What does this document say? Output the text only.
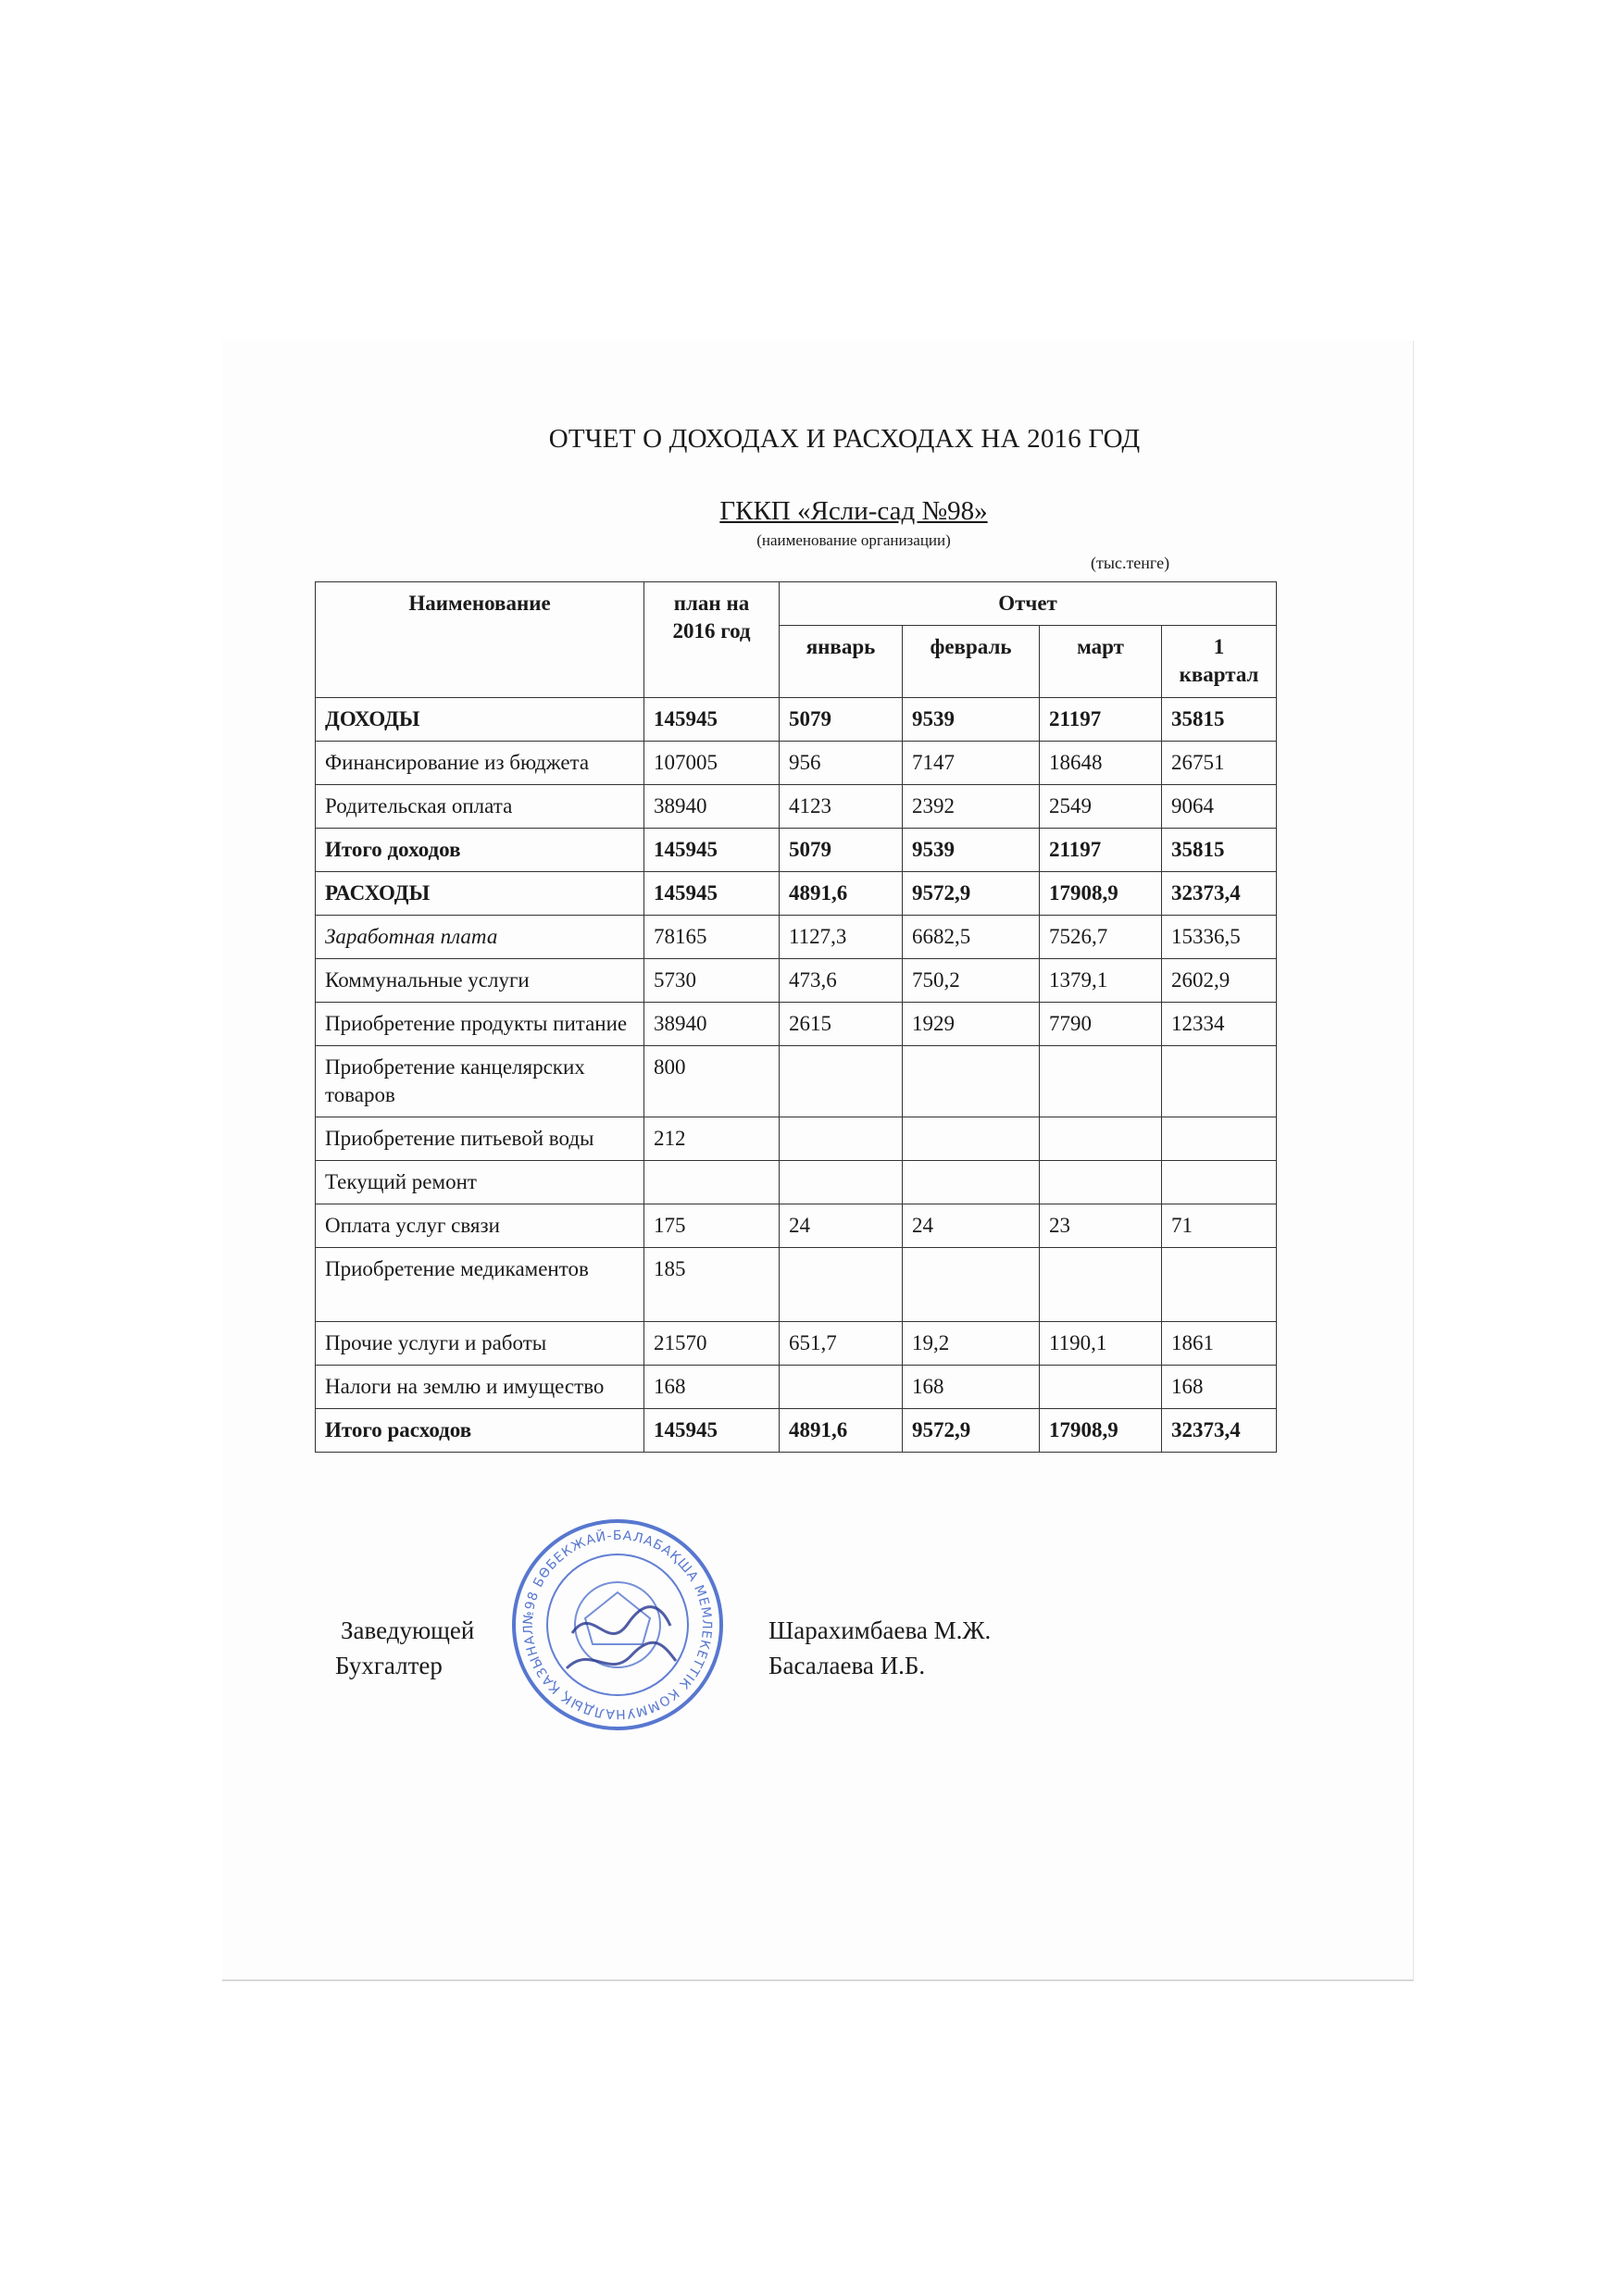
ОТЧЕТ О ДОХОДАХ И РАСХОДАХ НА 2016 ГОД
ГККП «Ясли-сад №98»
(наименование организации)
(тыс.тенге)
Наименование	план на 2016 год	Отчет			
		январь	февраль	март	1 квартал
ДОХОДЫ	145945	5079	9539	21197	35815
Финансирование из бюджета	107005	956	7147	18648	26751
Родительская оплата	38940	4123	2392	2549	9064
Итого доходов	145945	5079	9539	21197	35815
РАСХОДЫ	145945	4891,6	9572,9	17908,9	32373,4
Заработная плата	78165	1127,3	6682,5	7526,7	15336,5
Коммунальные услуги	5730	473,6	750,2	1379,1	2602,9
Приобретение продукты питание	38940	2615	1929	7790	12334
Приобретение канцелярских товаров	800				
Приобретение питьевой воды	212				
Текущий ремонт					
Оплата услуг связи	175	24	24	23	71
Приобретение медикаментов	185				
Прочие услуги и работы	21570	651,7	19,2	1190,1	1861
Налоги на землю и имущество	168		168		168
Итого расходов	145945	4891,6	9572,9	17908,9	32373,4
Заведующей
Бухгалтер
№98 БӨБЕКЖАЙ-БАЛАБАҚША МЕМЛЕКЕТТІК КОММУНАЛДЫҚ ҚАЗЫНАЛ	Шарахимбаева М.Ж.
Басалаева И.Б.
